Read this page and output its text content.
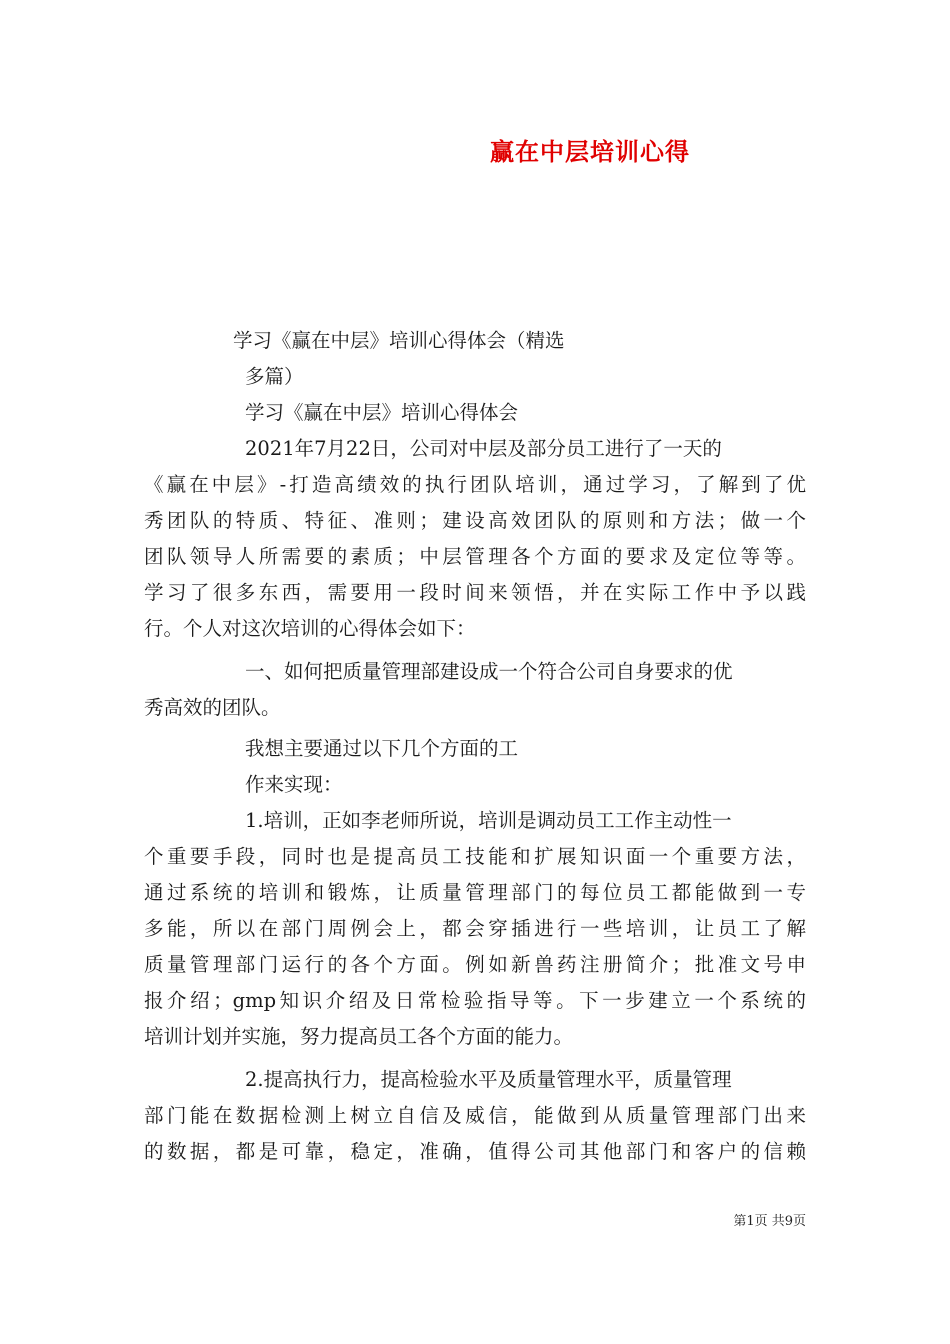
赢在中层培训心得
学习《赢在中层》培训心得体会（精选
多篇）
学习《赢在中层》培训心得体会
2021年7月22日，公司对中层及部分员工进行了一天的
《赢在中层》-打造高绩效的执行团队培训，通过学习，了解到了优
秀团队的特质、特征、准则；建设高效团队的原则和方法；做一个
团队领导人所需要的素质；中层管理各个方面的要求及定位等等。
学习了很多东西，需要用一段时间来领悟，并在实际工作中予以践
行。个人对这次培训的心得体会如下：
一、如何把质量管理部建设成一个符合公司自身要求的优
秀高效的团队。
我想主要通过以下几个方面的工
作来实现：
1.培训，正如李老师所说，培训是调动员工工作主动性一
个重要手段，同时也是提高员工技能和扩展知识面一个重要方法，
通过系统的培训和锻炼，让质量管理部门的每位员工都能做到一专
多能，所以在部门周例会上，都会穿插进行一些培训，让员工了解
质量管理部门运行的各个方面。例如新兽药注册简介；批准文号申
报介绍；gmp知识介绍及日常检验指导等。下一步建立一个系统的
培训计划并实施，努力提高员工各个方面的能力。
2.提高执行力，提高检验水平及质量管理水平，质量管理
部门能在数据检测上树立自信及威信，能做到从质量管理部门出来
的数据，都是可靠，稳定，准确，值得公司其他部门和客户的信赖
第1页 共9页
